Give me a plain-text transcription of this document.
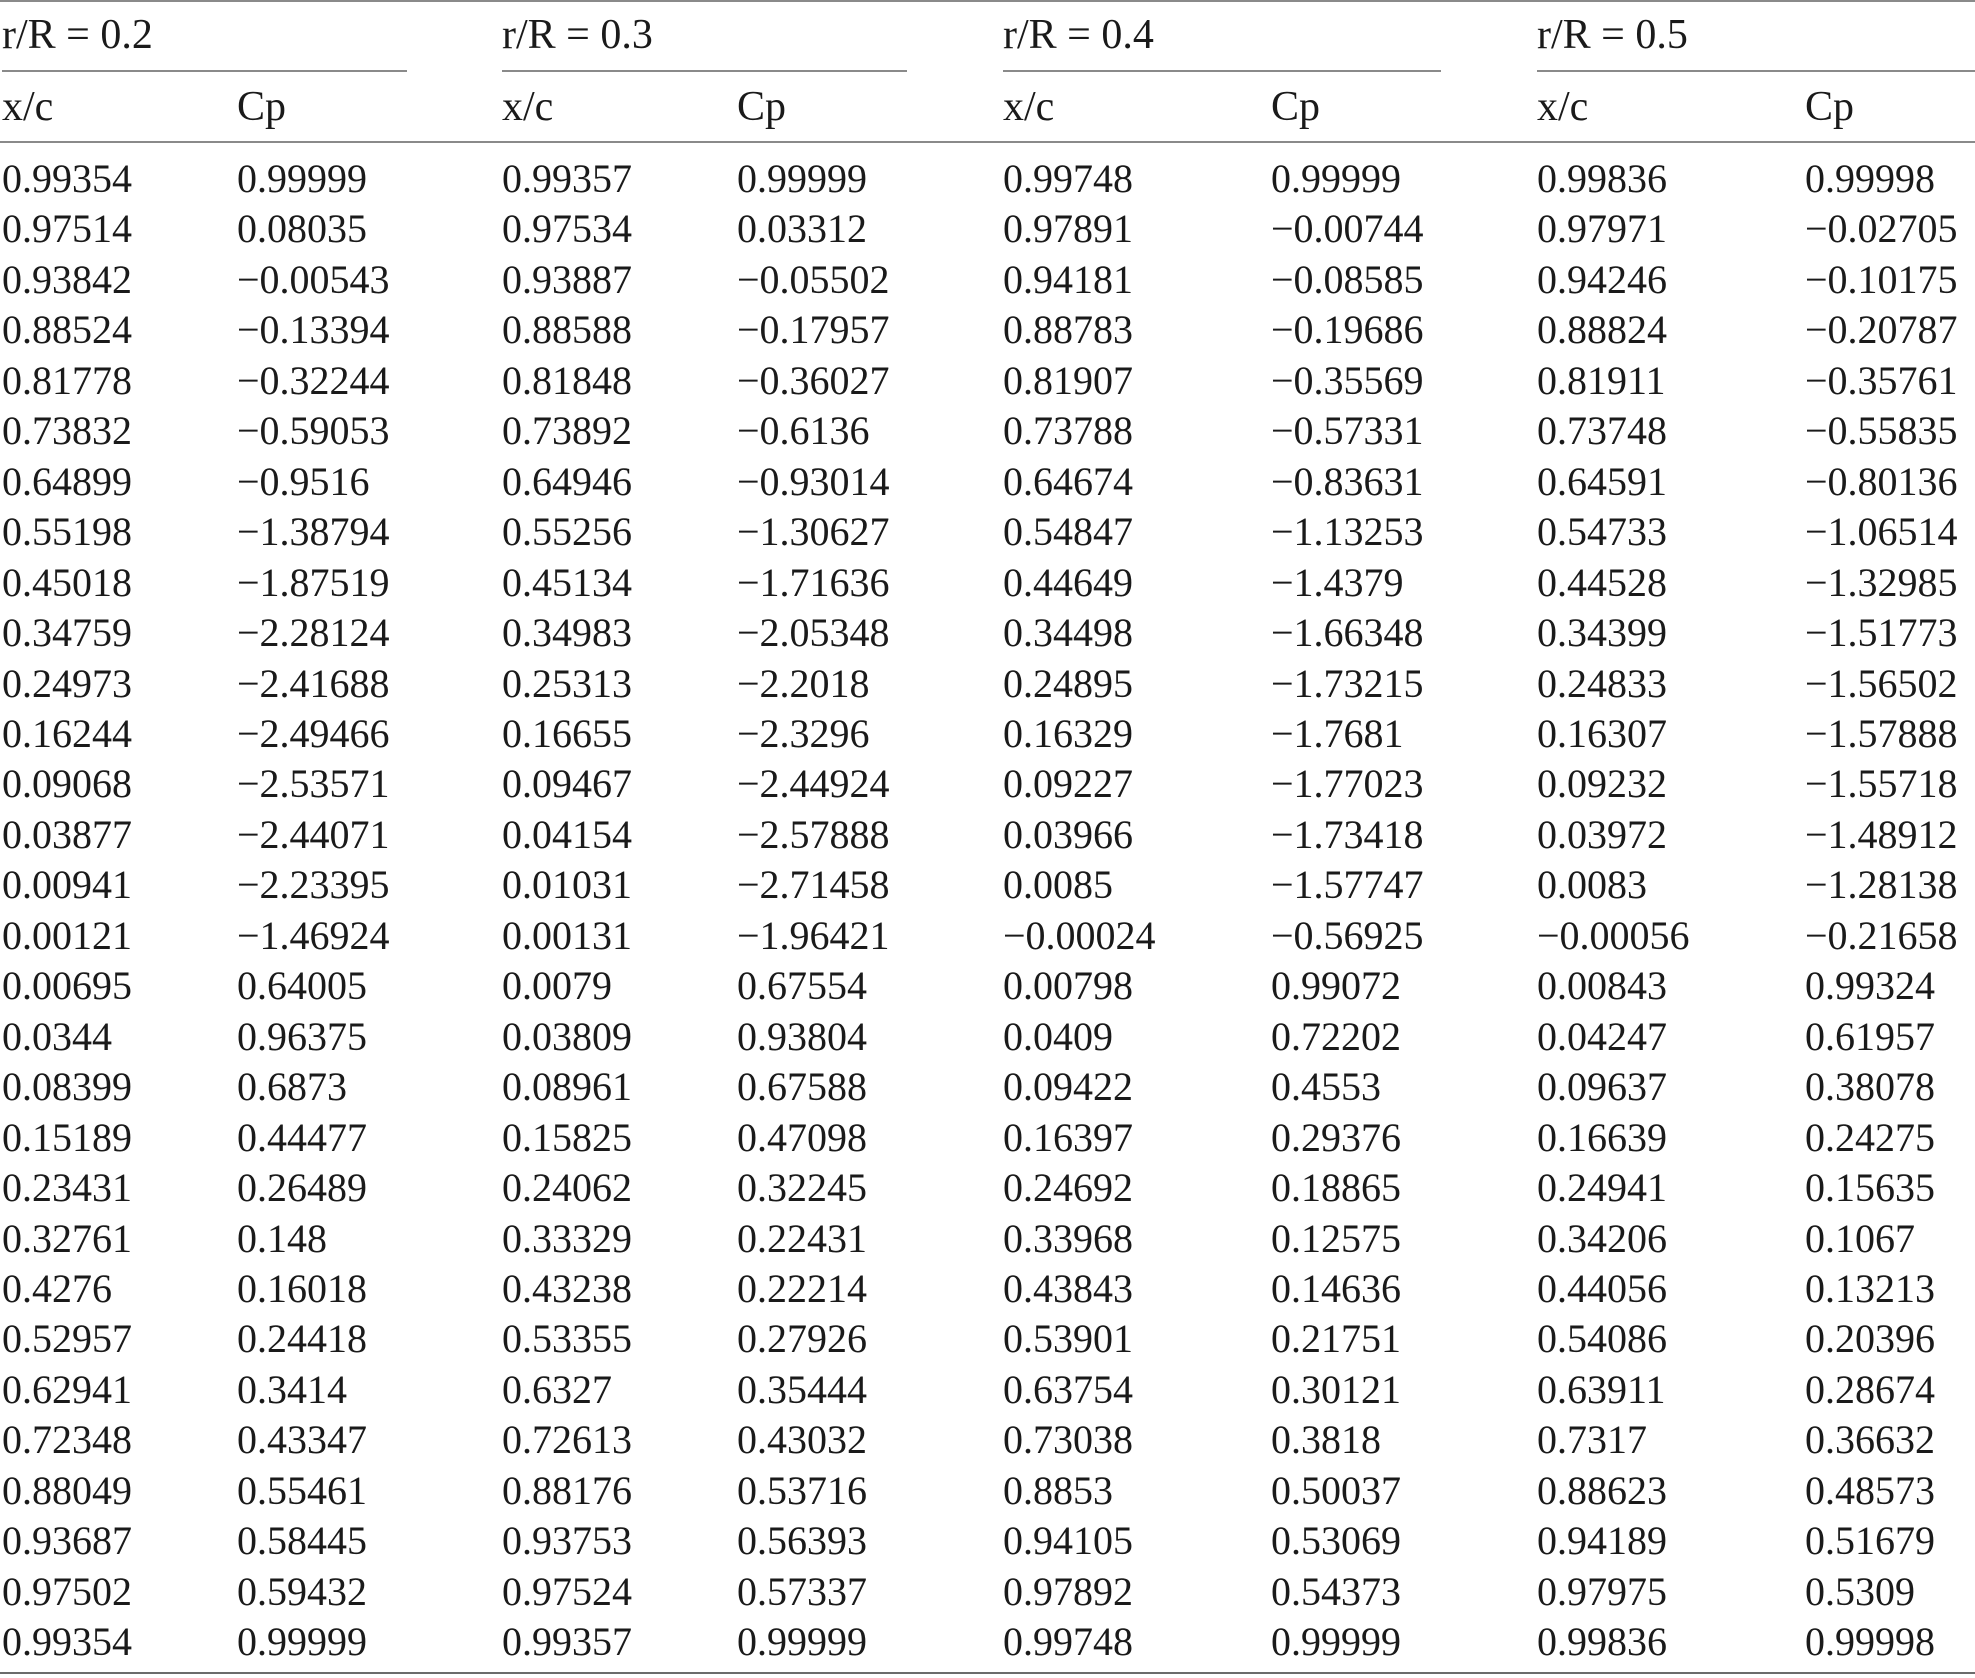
r/R = 0.2
x/c	Cp
0.99354	0.99999
0.97514	0.08035
0.93842	−0.00543
0.88524	−0.13394
0.81778	−0.32244
0.73832	−0.59053
0.64899	−0.9516
0.55198	−1.38794
0.45018	−1.87519
0.34759	−2.28124
0.24973	−2.41688
0.16244	−2.49466
0.09068	−2.53571
0.03877	−2.44071
0.00941	−2.23395
0.00121	−1.46924
0.00695	0.64005
0.0344	0.96375
0.08399	0.6873
0.15189	0.44477
0.23431	0.26489
0.32761	0.148
0.4276	0.16018
0.52957	0.24418
0.62941	0.3414
0.72348	0.43347
0.88049	0.55461
0.93687	0.58445
0.97502	0.59432
0.99354	0.99999
r/R = 0.3
x/c	Cp
0.99357	0.99999
0.97534	0.03312
0.93887	−0.05502
0.88588	−0.17957
0.81848	−0.36027
0.73892	−0.6136
0.64946	−0.93014
0.55256	−1.30627
0.45134	−1.71636
0.34983	−2.05348
0.25313	−2.2018
0.16655	−2.3296
0.09467	−2.44924
0.04154	−2.57888
0.01031	−2.71458
0.00131	−1.96421
0.0079	0.67554
0.03809	0.93804
0.08961	0.67588
0.15825	0.47098
0.24062	0.32245
0.33329	0.22431
0.43238	0.22214
0.53355	0.27926
0.6327	0.35444
0.72613	0.43032
0.88176	0.53716
0.93753	0.56393
0.97524	0.57337
0.99357	0.99999
r/R = 0.4
x/c	Cp
0.99748	0.99999
0.97891	−0.00744
0.94181	−0.08585
0.88783	−0.19686
0.81907	−0.35569
0.73788	−0.57331
0.64674	−0.83631
0.54847	−1.13253
0.44649	−1.4379
0.34498	−1.66348
0.24895	−1.73215
0.16329	−1.7681
0.09227	−1.77023
0.03966	−1.73418
0.0085	−1.57747
−0.00024	−0.56925
0.00798	0.99072
0.0409	0.72202
0.09422	0.4553
0.16397	0.29376
0.24692	0.18865
0.33968	0.12575
0.43843	0.14636
0.53901	0.21751
0.63754	0.30121
0.73038	0.3818
0.8853	0.50037
0.94105	0.53069
0.97892	0.54373
0.99748	0.99999
r/R = 0.5
x/c	Cp
0.99836	0.99998
0.97971	−0.02705
0.94246	−0.10175
0.88824	−0.20787
0.81911	−0.35761
0.73748	−0.55835
0.64591	−0.80136
0.54733	−1.06514
0.44528	−1.32985
0.34399	−1.51773
0.24833	−1.56502
0.16307	−1.57888
0.09232	−1.55718
0.03972	−1.48912
0.0083	−1.28138
−0.00056	−0.21658
0.00843	0.99324
0.04247	0.61957
0.09637	0.38078
0.16639	0.24275
0.24941	0.15635
0.34206	0.1067
0.44056	0.13213
0.54086	0.20396
0.63911	0.28674
0.7317	0.36632
0.88623	0.48573
0.94189	0.51679
0.97975	0.5309
0.99836	0.99998
